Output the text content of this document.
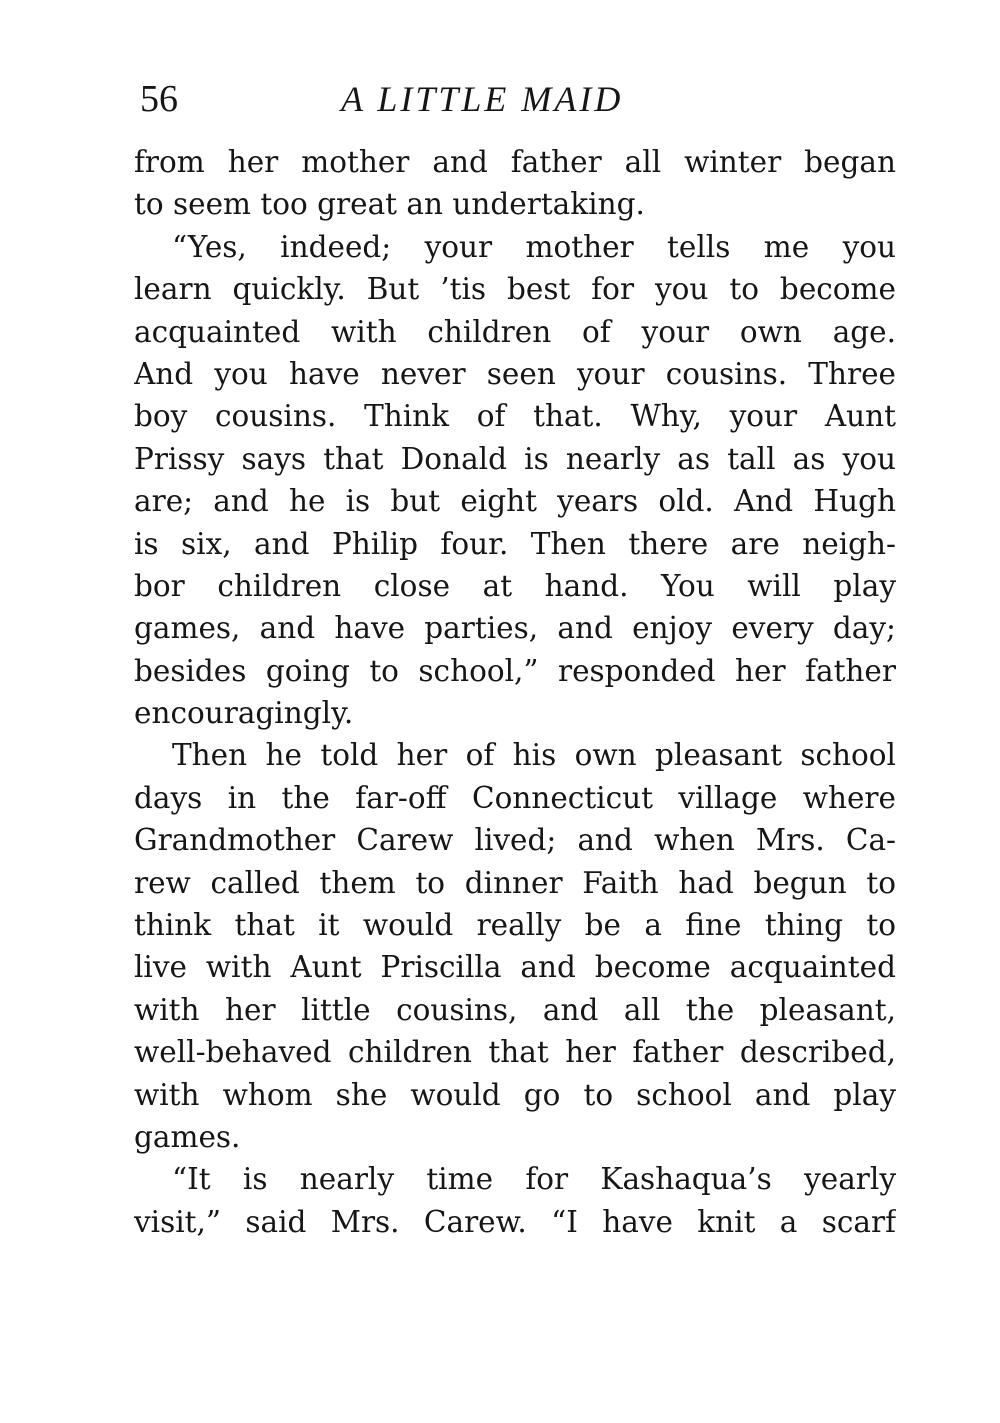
56	A LITTLE MAID
from her mother and father all winter began
to seem too great an undertaking.
“Yes, indeed; your mother tells me you
learn quickly. But ’tis best for you to become
acquainted with children of your own age.
And you have never seen your cousins. Three
boy cousins. Think of that. Why, your Aunt
Prissy says that Donald is nearly as tall as you
are; and he is but eight years old. And Hugh
is six, and Philip four. Then there are neigh-
bor children close at hand. You will play
games, and have parties, and enjoy every day;
besides going to school,” responded her father
encouragingly.
Then he told her of his own pleasant school
days in the far-off Connecticut village where
Grandmother Carew lived; and when Mrs. Ca-
rew called them to dinner Faith had begun to
think that it would really be a fine thing to
live with Aunt Priscilla and become acquainted
with her little cousins, and all the pleasant,
well-behaved children that her father described,
with whom she would go to school and play
games.
“It is nearly time for Kashaqua’s yearly
visit,” said Mrs. Carew. “I have knit a scarf
